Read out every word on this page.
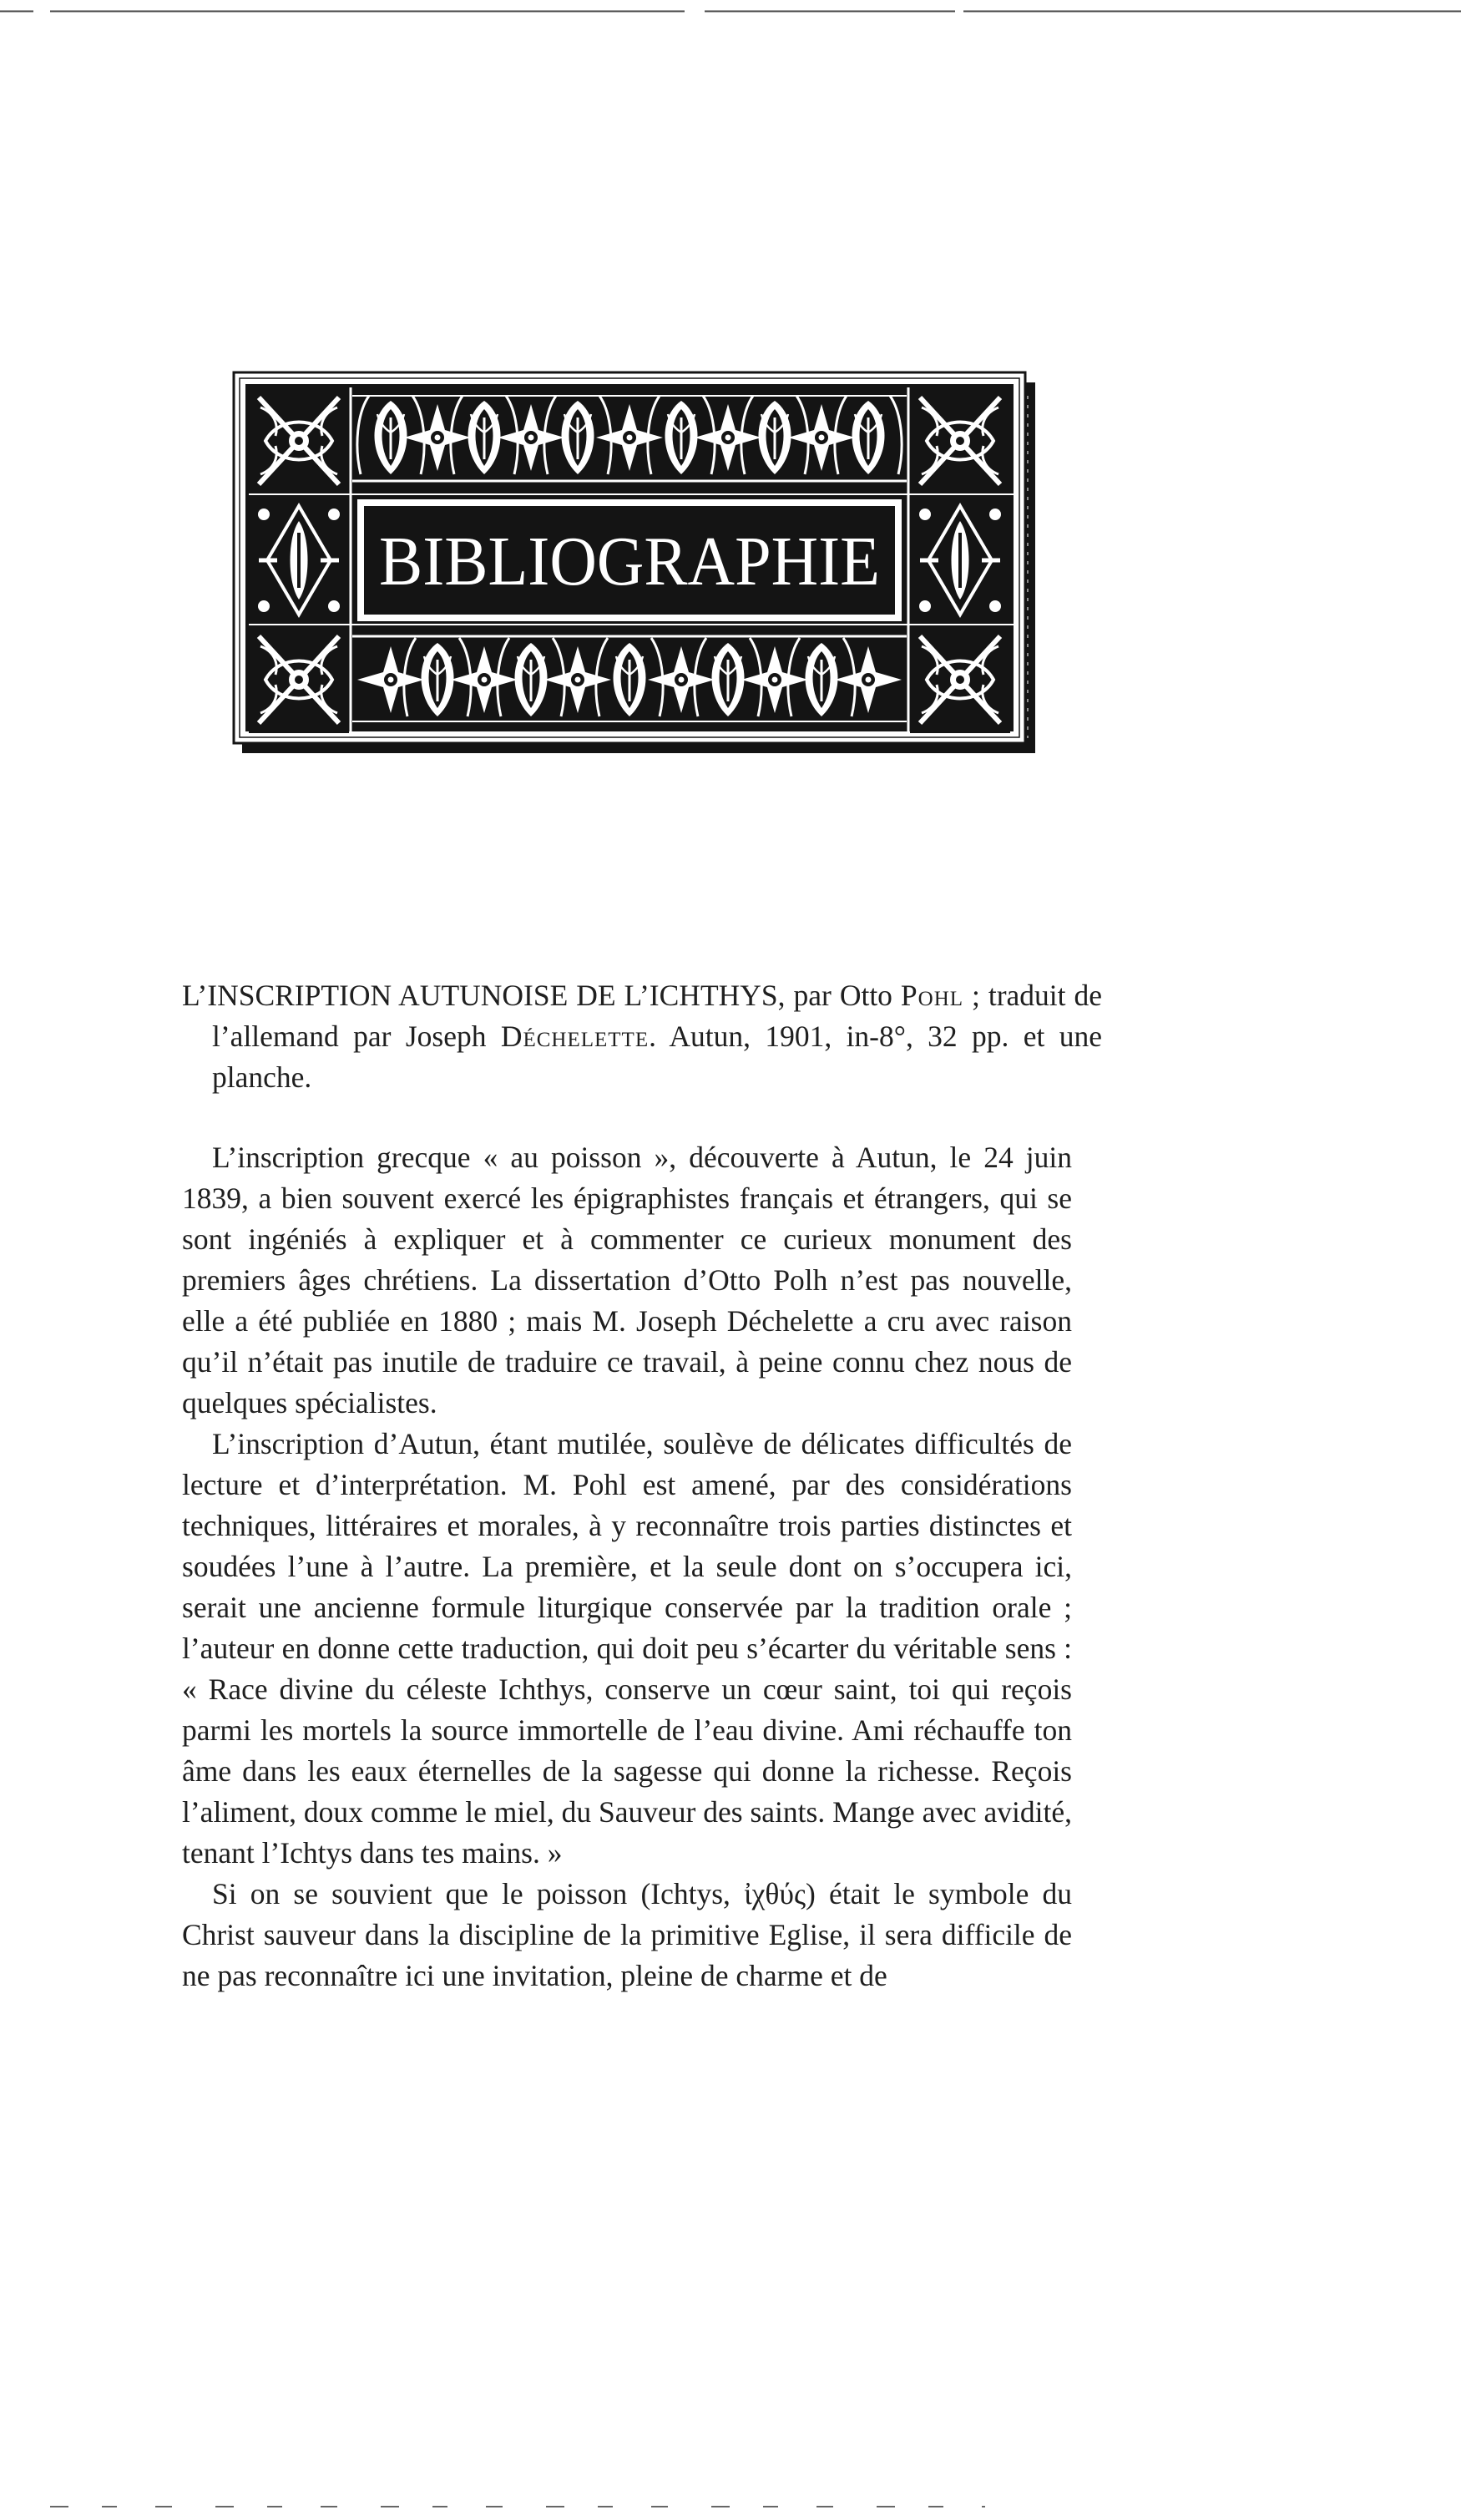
BIBLIOGRAPHIE
L’INSCRIPTION AUTUNOISE DE L’ICHTHYS, par Otto Pohl ; traduit de l’allemand par Joseph Déchelette. Autun, 1901, in-8°, 32 pp. et une planche.

L’inscription grecque « au poisson », découverte à Autun, le 24 juin 1839, a bien souvent exercé les épigraphistes français et étrangers, qui se sont ingéniés à expliquer et à commenter ce curieux monument des premiers âges chrétiens. La dissertation d’Otto Polh n’est pas nouvelle, elle a été publiée en 1880 ; mais M. Joseph Déchelette a cru avec raison qu’il n’était pas inutile de traduire ce travail, à peine connu chez nous de quelques spécialistes.

L’inscription d’Autun, étant mutilée, soulève de délicates difficultés de lecture et d’interprétation. M. Pohl est amené, par des considérations techniques, littéraires et morales, à y reconnaître trois parties distinctes et soudées l’une à l’autre. La première, et la seule dont on s’occupera ici, serait une ancienne formule liturgique conservée par la tradition orale ; l’auteur en donne cette traduction, qui doit peu s’écarter du véritable sens : « Race divine du céleste Ichthys, conserve un cœur saint, toi qui reçois parmi les mortels la source immortelle de l’eau divine. Ami réchauffe ton âme dans les eaux éternelles de la sagesse qui donne la richesse. Reçois l’aliment, doux comme le miel, du Sauveur des saints. Mange avec avidité, tenant l’Ichtys dans tes mains. »

Si on se souvient que le poisson (Ichtys, ἰχθύς) était le symbole du Christ sauveur dans la discipline de la primitive Eglise, il sera difficile de ne pas reconnaître ici une invitation, pleine de charme et de
